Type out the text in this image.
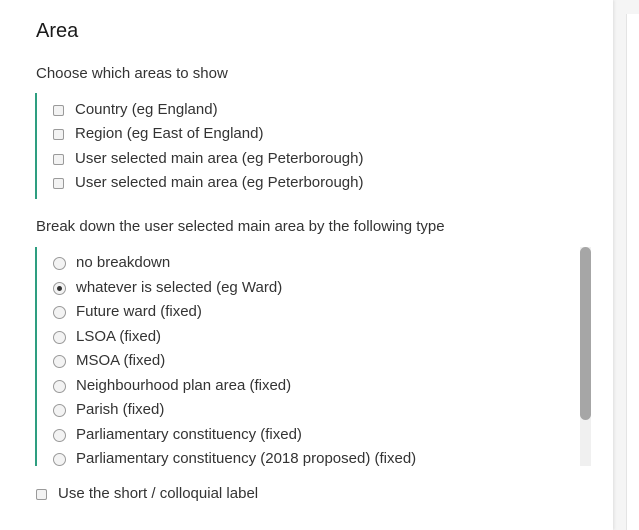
Area
Choose which areas to show
Country (eg England)
Region (eg East of England)
User selected main area (eg Peterborough)
User selected main area (eg Peterborough)
Break down the user selected main area by the following type
no breakdown
whatever is selected (eg Ward)
Future ward (fixed)
LSOA (fixed)
MSOA (fixed)
Neighbourhood plan area (fixed)
Parish (fixed)
Parliamentary constituency (fixed)
Parliamentary constituency (2018 proposed) (fixed)
Use the short / colloquial label
